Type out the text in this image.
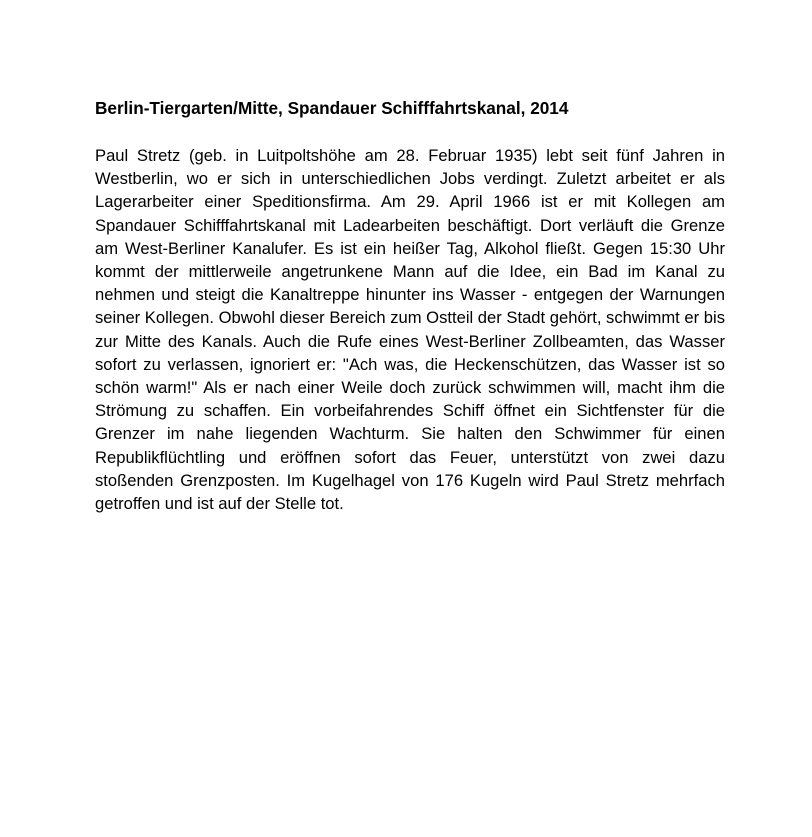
Berlin-Tiergarten/Mitte, Spandauer Schifffahrtskanal, 2014

Paul Stretz (geb. in Luitpoltshöhe am 28. Februar 1935) lebt seit fünf Jahren in Westberlin, wo er sich in unterschiedlichen Jobs verdingt. Zuletzt arbeitet er als Lagerarbeiter einer Speditionsfirma. Am 29. April 1966 ist er mit Kollegen am Spandauer Schifffahrtskanal mit Ladearbeiten beschäftigt. Dort verläuft die Grenze am West-Berliner Kanalufer. Es ist ein heißer Tag, Alkohol fließt. Gegen 15:30 Uhr kommt der mittlerweile angetrunkene Mann auf die Idee, ein Bad im Kanal zu nehmen und steigt die Kanaltreppe hinunter ins Wasser - entgegen der Warnungen seiner Kollegen. Obwohl dieser Bereich zum Ostteil der Stadt gehört, schwimmt er bis zur Mitte des Kanals. Auch die Rufe eines West-Berliner Zollbeamten, das Wasser sofort zu verlassen, ignoriert er: "Ach was, die Heckenschützen, das Wasser ist so schön warm!" Als er nach einer Weile doch zurück schwimmen will, macht ihm die Strömung zu schaffen. Ein vorbeifahrendes Schiff öffnet ein Sichtfenster für die Grenzer im nahe liegenden Wachturm. Sie halten den Schwimmer für einen Republikflüchtling und eröffnen sofort das Feuer, unterstützt von zwei dazu stoßenden Grenzposten. Im Kugelhagel von 176 Kugeln wird Paul Stretz mehrfach getroffen und ist auf der Stelle tot.
